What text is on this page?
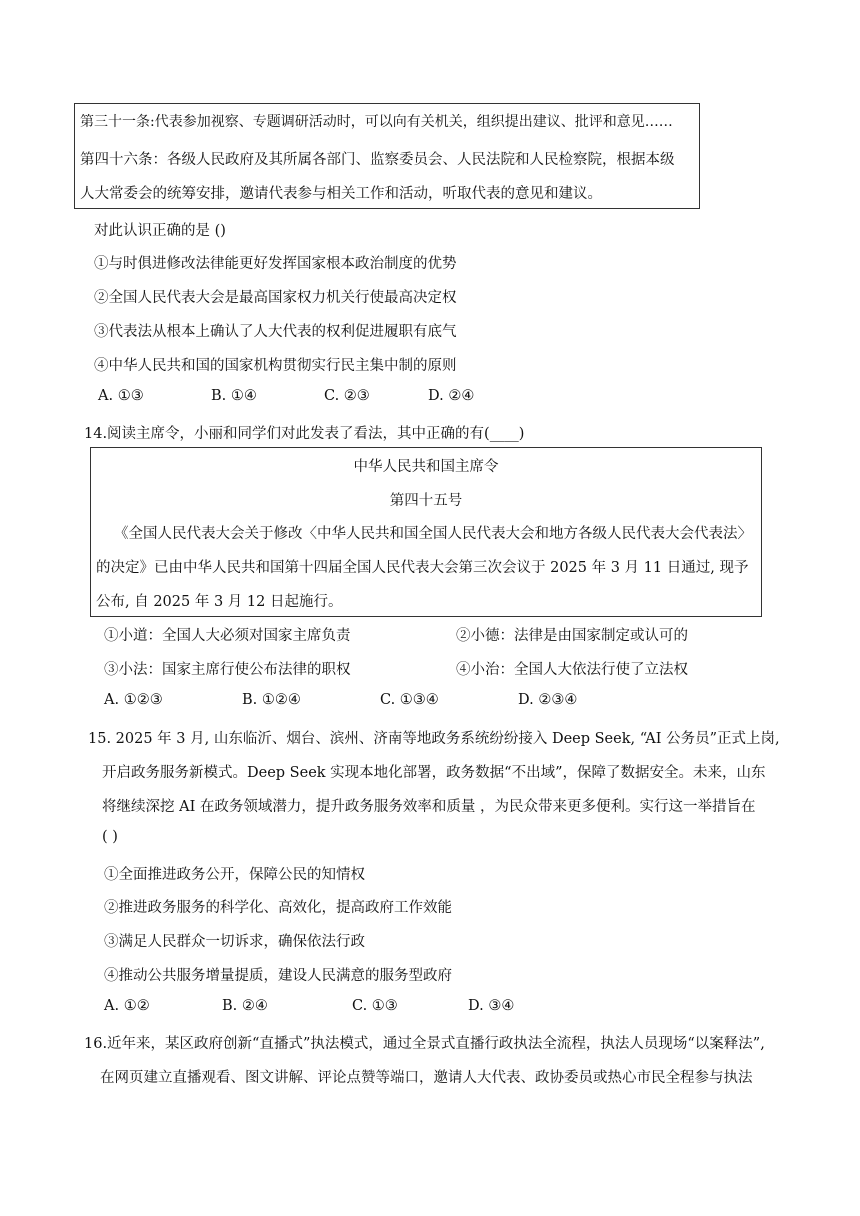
第三十一条:代表参加视察、专题调研活动时，可以向有关机关，组织提出建议、批评和意见……
第四十六条：各级人民政府及其所属各部门、监察委员会、人民法院和人民检察院，根据本级
人大常委会的统筹安排，邀请代表参与相关工作和活动，听取代表的意见和建议。
对此认识正确的是 ()
①与时俱进修改法律能更好发挥国家根本政治制度的优势
②全国人民代表大会是最高国家权力机关行使最高决定权
③代表法从根本上确认了人大代表的权利促进履职有底气
④中华人民共和国的国家机构贯彻实行民主集中制的原则
A. ①③	B. ①④	C. ②③	D. ②④
14.阅读主席令，小丽和同学们对此发表了看法，其中正确的有(____)
中华人民共和国主席令
第四十五号
《全国人民代表大会关于修改〈中华人民共和国全国人民代表大会和地方各级人民代表大会代表法〉
的决定》已由中华人民共和国第十四届全国人民代表大会第三次会议于 2025 年 3 月 11 日通过, 现予
公布, 自 2025 年 3 月 12 日起施行。
①小道：全国人大必须对国家主席负责	②小德：法律是由国家制定或认可的
③小法：国家主席行使公布法律的职权	④小治：全国人大依法行使了立法权
A. ①②③	B. ①②④	C. ①③④	D. ②③④
15. 2025 年 3 月, 山东临沂、烟台、滨州、济南等地政务系统纷纷接入 Deep Seek, “AI 公务员”正式上岗,
开启政务服务新模式。Deep Seek 实现本地化部署，政务数据“不出域”，保障了数据安全。未来，山东
将继续深挖 AI 在政务领域潜力，提升政务服务效率和质量 ，为民众带来更多便利。实行这一举措旨在
( )
①全面推进政务公开，保障公民的知情权
②推进政务服务的科学化、高效化，提高政府工作效能
③满足人民群众一切诉求，确保依法行政
④推动公共服务增量提质，建设人民满意的服务型政府
A. ①②	B. ②④	C. ①③	D. ③④
16.近年来，某区政府创新“直播式”执法模式，通过全景式直播行政执法全流程，执法人员现场“以案释法”,
在网页建立直播观看、图文讲解、评论点赞等端口，邀请人大代表、政协委员或热心市民全程参与执法
